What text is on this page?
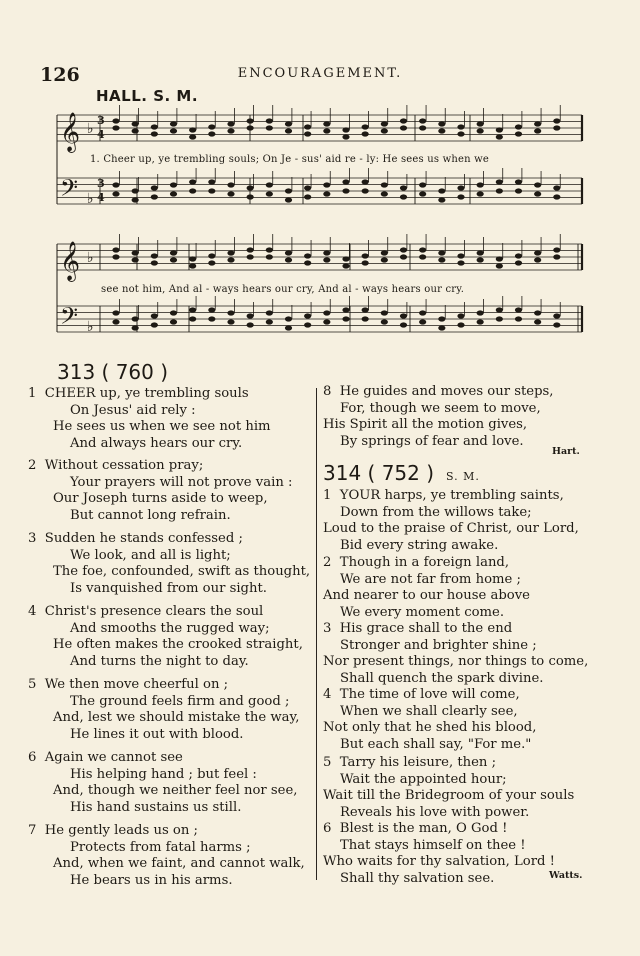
126	ENCOURAGEMENT.
HALL. S. M.
𝄞
𝄢
♭
♭
𝄞
𝄢
♭
♭
3
4
3
4
1. Cheer up, ye trembling souls; On Je - sus' aid re - ly: He sees us when we
see not him, And al - ways hears our cry, And al - ways hears our cry.
313 ( 760 )
1 CHEER up, ye trembling souls
On Jesus' aid rely :
He sees us when we see not him
And always hears our cry.
2 Without cessation pray;
Your prayers will not prove vain :
Our Joseph turns aside to weep,
But cannot long refrain.
3 Sudden he stands confessed ;
We look, and all is light;
The foe, confounded, swift as thought,
Is vanquished from our sight.
4 Christ's presence clears the soul
And smooths the rugged way;
He often makes the crooked straight,
And turns the night to day.
5 We then move cheerful on ;
The ground feels firm and good ;
And, lest we should mistake the way,
He lines it out with blood.
6 Again we cannot see
His helping hand ; but feel :
And, though we neither feel nor see,
His hand sustains us still.
7 He gently leads us on ;
Protects from fatal harms ;
And, when we faint, and cannot walk,
He bears us in his arms.
8 He guides and moves our steps,
For, though we seem to move,
His Spirit all the motion gives,
By springs of fear and love.
Hart.
314 ( 752 ) S. M.
1 YOUR harps, ye trembling saints,
Down from the willows take;
Loud to the praise of Christ, our Lord,
Bid every string awake.
2 Though in a foreign land,
We are not far from home ;
And nearer to our house above
We every moment come.
3 His grace shall to the end
Stronger and brighter shine ;
Nor present things, nor things to come,
Shall quench the spark divine.
4 The time of love will come,
When we shall clearly see,
Not only that he shed his blood,
But each shall say, "For me."
5 Tarry his leisure, then ;
Wait the appointed hour;
Wait till the Bridegroom of your souls
Reveals his love with power.
6 Blest is the man, O God !
That stays himself on thee !
Who waits for thy salvation, Lord !
Shall thy salvation see.	Watts.
